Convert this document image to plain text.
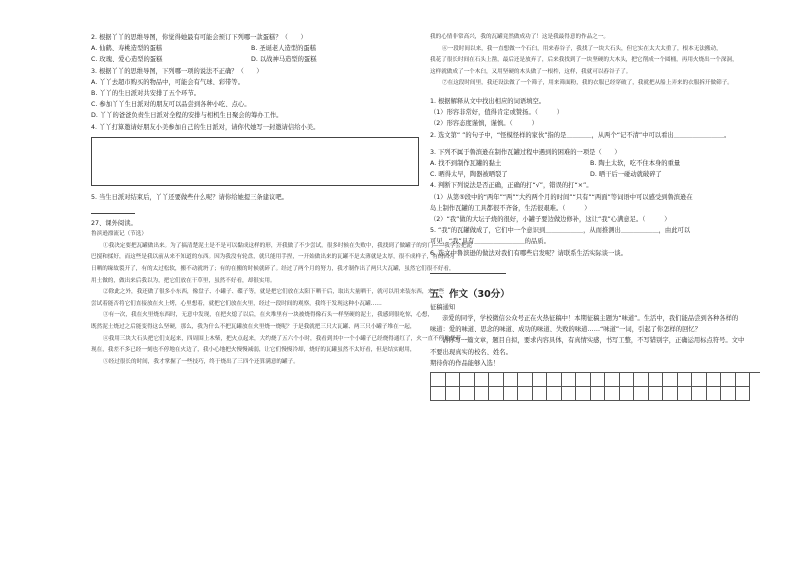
2. 根据丫丫的思维导图，你觉得她最有可能会预订下列哪一款蛋糕？（　　）

A. 仙鹤、寿桃造型的蛋糕	B. 圣诞老人造型的蛋糕
C. 玫瑰、爱心造型的蛋糕	D. 以战神马造型的蛋糕

3. 根据丫丫的思维导图，下列哪一项的说法不正确？（　　）

A. 丫丫去超市购买的物品中，可能会有气球、彩带等。

B. 丫丫的生日派对共安排了五个环节。

C. 参加丫丫生日派对的朋友可以品尝到各种小吃、点心。

D. 丫丫的爸爸负责生日派对全程的安排与相机生日聚会的筹办工作。

4. 丫丫打算邀请好朋友小美参加自己的生日派对，请你代她写一封邀请信给小美。

5. 当生日派对结束后，丫丫还要做些什么呢？请你给她提三条建议吧。

27、课外阅读。

鲁滨逊漂流记（节选）

①我决定要把瓦罐做出来。为了搞清楚泥土是不是可以黏成这样的形，开我做了不少尝试，很多时候在失败中，我找到了做罐子的窍门——我学会把泥

巴搅和揉好，而这些是我以前从来不知道的东西。因为我没有轮盘，就只能用手捏，一开始做出来的瓦罐不是太薄就是太厚，很不成样子，有的因为

日晒的缘故裂开了，有的太过松软，搬不动就坍了；有的在搬的时候就碎了。经过了两个月的努力，我才制作出了两只大瓦罐，虽然它们很不好看，

用土做的，做出来后我以为，把它们放在干草里，虽然不好看，却很实用。

②除此之外，我还做了很多小东西，像盘子、小罐子、碟子等，就是把它们放在太阳下晒干后，取出大量晒干，就可以用来装东西，来一些

尝试着能否将它们直接放在火上烤，心里想着，就把它们放在火里，经过一段时间的观察，我终于发现这种小瓦罐……

③有一次，我在火里烧东西时，无意中发现，在把火熄了以后，在火堆里有一块被烧得像石头一样坚硬的泥土，我感到很吃惊，心想，

既然泥土烧过之后能变得这么坚硬，那么，我为什么不把瓦罐放在火里烧一烧呢？于是我就把三只大瓦罐、两三只小罐子堆在一起，

④我用三块大石头把它们支起来，四周围上木柴，把火点起来，大约烧了五六个小时，我看到其中一个小罐子已经烧得通红了，火一直不停地烧着……

现在，我差不多已经一刻也不停地在火边了，我小心地把火慢慢减弱，让它们慢慢冷却，烧好的瓦罐虽然不太好看，但是结实耐用，

⑤经过很长的时间，我才掌握了一些技巧，终于烧出了三四个还算满意的罐子。

我的心情非常高兴，我的瓦罐竟然做成功了！这是我最得意的作品之一。

⑥一段时间以来，我一直想做一个石臼，用来舂谷子，我找了一块大石头，但它实在太大太重了，根本无法搬动，

我花了很长时间在石头上凿，最后还是放弃了，后来我找到了一块坚硬的大木头，把它削成一个圆桶，再用火烧出一个深洞，

这样就做成了一个木臼，又用坚硬的木头做了一根杵，这样，我就可以舂谷子了。

⑦在这段时间里，我还设法做了一个筛子，用来筛面粉，我的衣服已经穿破了，我就把从船上弄来的衣服拆开做筛子。

1. 根据解释从文中找出相应的词语填空。

（1）形容非常好，值得肯定或赞扬。（　　　）

（2）形容态度谨慎，谨慎。（　　　）

2. 选文第“ ”的句子中，“怪模怪样的家伙”指的是＿＿＿＿，从两个“记不清”中可以看出＿＿＿＿＿＿＿＿。

3. 下列不属于鲁滨逊在制作瓦罐过程中遇到的困难的一项是（　　）

A. 找不到制作瓦罐的黏土	B. 陶土太软，吃不住本身的重量
C. 晒得太早，陶器被晒裂了	D. 晒干后一碰动就破碎了

4. 判断下列说法是否正确，正确的打“√”，错误的打“×”。

（1）从第⑤段中的“两年”“两”“大约两个月的时间”“只有”“两面”等词语中可以感受到鲁滨逊在

岛上制作瓦罐的工具都很不齐备，生活很艰难。（　　　）

（2）“我”做的大坛子烧的很好，小罐子要边做边修补，这让“我”心满意足。（　　　）

5. “我”的瓦罐做成了，它们中一个意识到＿＿＿＿＿＿，从而推测出＿＿＿＿＿＿，由此可以

可见，“我”具有＿＿＿＿＿＿＿＿的品质。

6. 选文中鲁滨逊的做法对我们有哪些启发呢？请联系生活实际谈一谈。

五、作文（30分）

征稿通知

亲爱的同学，学校微信公众号正在火热征稿中！本期征稿主题为“味道”。生活中，我们能品尝到各种各样的

味道：爱的味道、思念的味道、成功的味道、失败的味道……“味道”一词，引起了你怎样的回忆？

请你写一篇文章，题目自拟，要求内容具体，有真情实感，书写工整，不写错别字，正确运用标点符号。文中

不要出现真实的校名、姓名。

期待你的作品能够入选！
